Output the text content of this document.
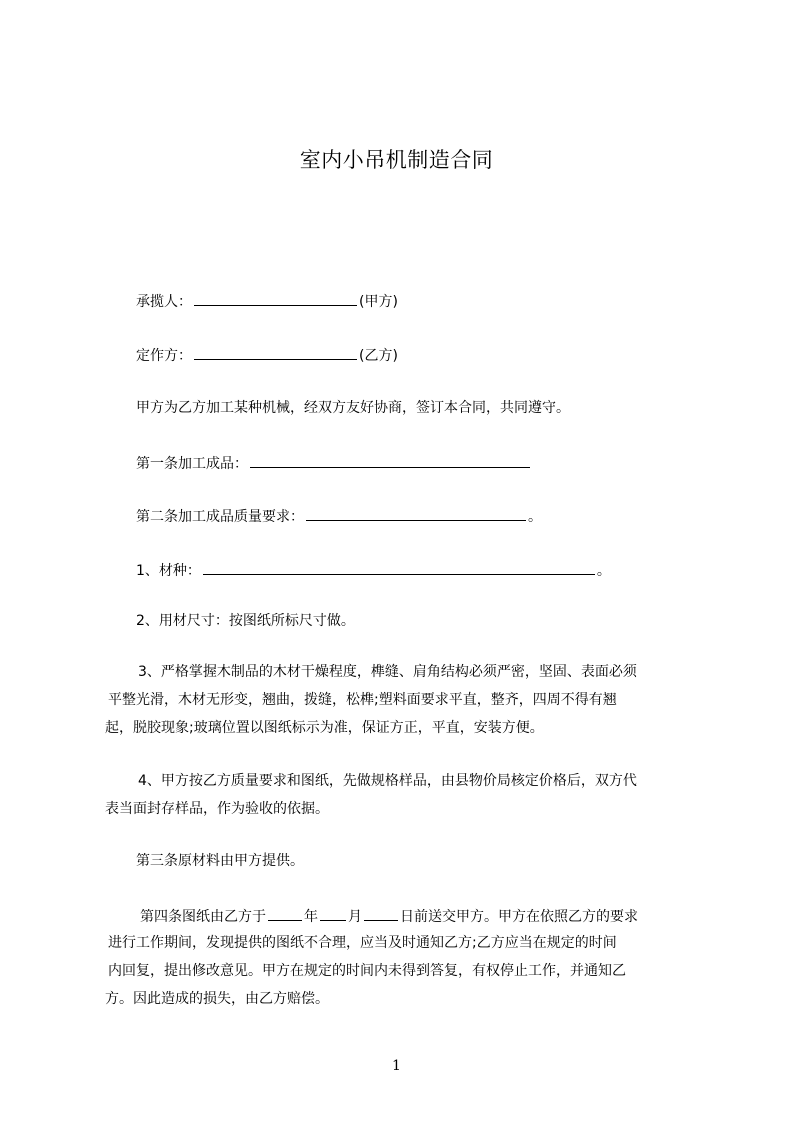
室内小吊机制造合同
承揽人：	(甲方)
定作方：	(乙方)
甲方为乙方加工某种机械，经双方友好协商，签订本合同，共同遵守。
第一条加工成品：
第二条加工成品质量要求：	。
1、材种：	。
2、用材尺寸：按图纸所标尺寸做。
3、严格掌握木制品的木材干燥程度，榫缝、肩角结构必须严密，坚固、表面必须
平整光滑，木材无形变，翘曲，拨缝，松榫;塑料面要求平直，整齐，四周不得有翘
起，脱胶现象;玻璃位置以图纸标示为准，保证方正，平直，安装方便。
4、甲方按乙方质量要求和图纸，先做规格样品，由县物价局核定价格后，双方代
表当面封存样品，作为验收的依据。
第三条原材料由甲方提供。
第四条图纸由乙方于	年 月	日前送交甲方。甲方在依照乙方的要求
进行工作期间，发现提供的图纸不合理，应当及时通知乙方;乙方应当在规定的时间
内回复，提出修改意见。甲方在规定的时间内未得到答复，有权停止工作，并通知乙
方。因此造成的损失，由乙方赔偿。
1
